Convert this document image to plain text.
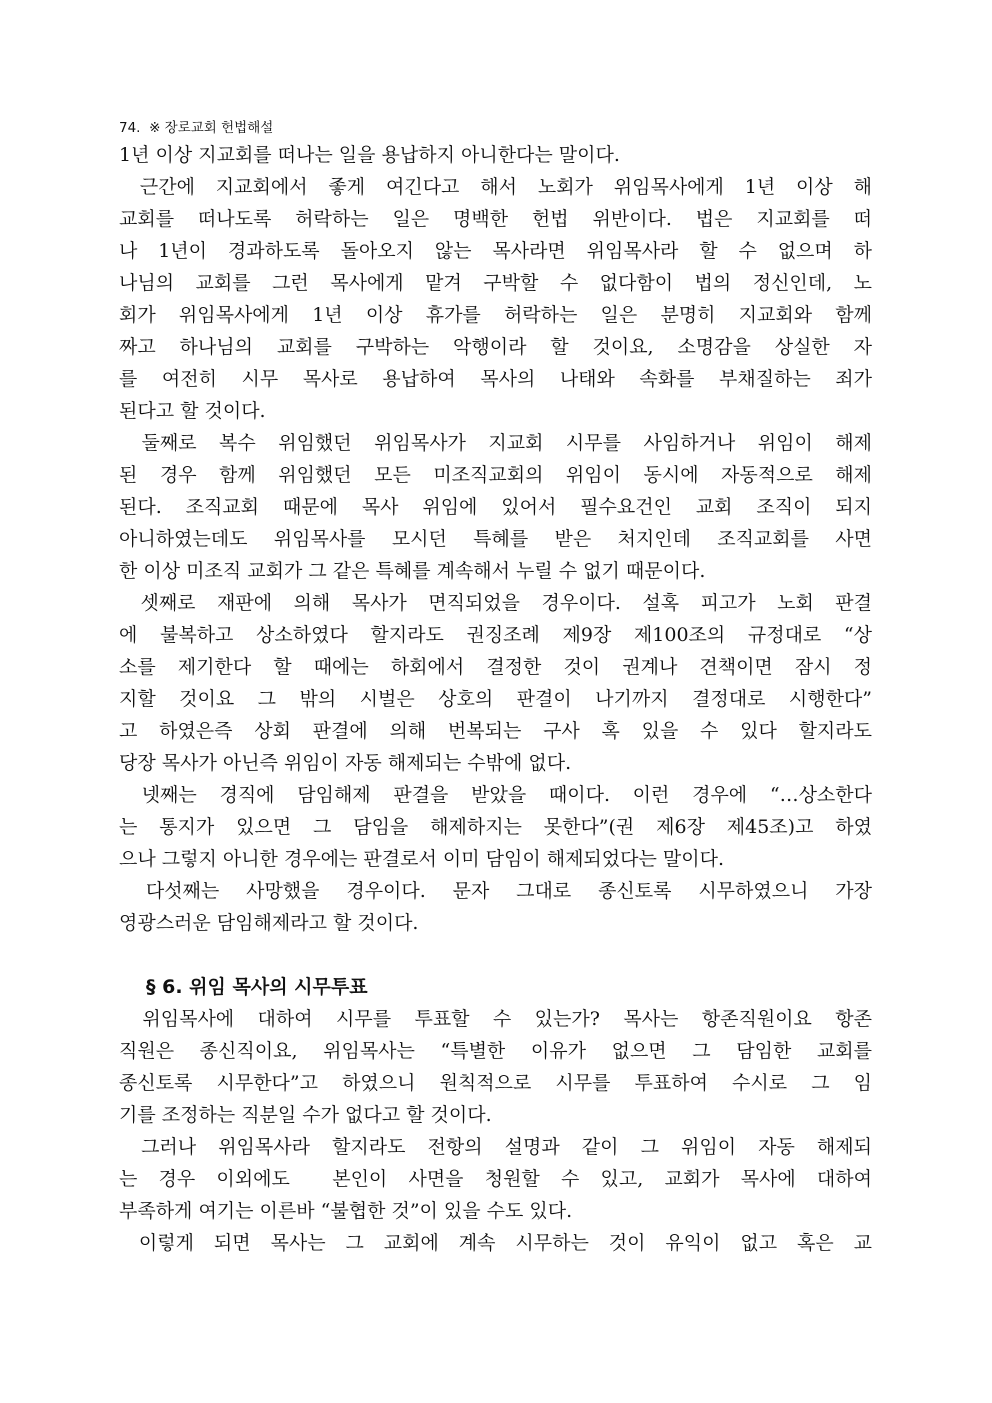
74. ※ 장로교회 헌법해설
1년 이상 지교회를 떠나는 일을 용납하지 아니한다는 말이다.
근간에 지교회에서 좋게 여긴다고 해서 노회가 위임목사에게 1년 이상 해
교회를 떠나도록 허락하는 일은 명백한 헌법 위반이다. 법은 지교회를 떠
나 1년이 경과하도록 돌아오지 않는 목사라면 위임목사라 할 수 없으며 하
나님의 교회를 그런 목사에게 맡겨 구박할 수 없다함이 법의 정신인데, 노
회가 위임목사에게 1년 이상 휴가를 허락하는 일은 분명히 지교회와 함께
짜고 하나님의 교회를 구박하는 악행이라 할 것이요, 소명감을 상실한 자
를 여전히 시무 목사로 용납하여 목사의 나태와 속화를 부채질하는 죄가
된다고 할 것이다.
둘째로 복수 위임했던 위임목사가 지교회 시무를 사임하거나 위임이 해제
된 경우 함께 위임했던 모든 미조직교회의 위임이 동시에 자동적으로 해제
된다. 조직교회 때문에 목사 위임에 있어서 필수요건인 교회 조직이 되지
아니하였는데도 위임목사를 모시던 특혜를 받은 처지인데 조직교회를 사면
한 이상 미조직 교회가 그 같은 특혜를 계속해서 누릴 수 없기 때문이다.
셋째로 재판에 의해 목사가 면직되었을 경우이다. 설혹 피고가 노회 판결
에 불복하고 상소하였다 할지라도 권징조례 제9장 제100조의 규정대로 “상
소를 제기한다 할 때에는 하회에서 결정한 것이 권계나 견책이면 잠시 정
지할 것이요 그 밖의 시벌은 상호의 판결이 나기까지 결정대로 시행한다”
고 하였은즉 상회 판결에 의해 번복되는 구사 혹 있을 수 있다 할지라도
당장 목사가 아닌즉 위임이 자동 해제되는 수밖에 없다.
넷째는 경직에 담임해제 판결을 받았을 때이다. 이런 경우에 “…상소한다
는 통지가 있으면 그 담임을 해제하지는 못한다”(권 제6장 제45조)고 하였
으나 그렇지 아니한 경우에는 판결로서 이미 담임이 해제되었다는 말이다.
다섯째는 사망했을 경우이다. 문자 그대로 종신토록 시무하였으니 가장
영광스러운 담임해제라고 할 것이다.
§ 6. 위임 목사의 시무투표
위임목사에 대하여 시무를 투표할 수 있는가? 목사는 항존직원이요 항존
직원은 종신직이요, 위임목사는 “특별한 이유가 없으면 그 담임한 교회를
종신토록 시무한다”고 하였으니 원칙적으로 시무를 투표하여 수시로 그 임
기를 조정하는 직분일 수가 없다고 할 것이다.
그러나 위임목사라 할지라도 전항의 설명과 같이 그 위임이 자동 해제되
는 경우 이외에도  본인이 사면을 청원할 수 있고, 교회가 목사에 대하여
부족하게 여기는 이른바 “불협한 것”이 있을 수도 있다.
이렇게 되면 목사는 그 교회에 계속 시무하는 것이 유익이 없고 혹은 교
